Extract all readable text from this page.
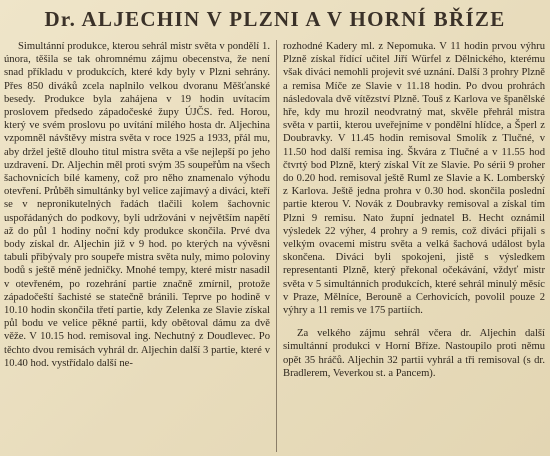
Dr. ALJECHIN V PLZNI A V HORNÍ BŘÍZE

Simultánní produkce, kterou sehrál mistr světa v pondělí 1. února, těšila se tak ohromnému zájmu obecenstva, že není snad příkladu v produkcích, které kdy byly v Plzni sehrány. Přes 850 diváků zcela naplnilo velkou dvoranu Měšťanské besedy. Produkce byla zahájena v 19 hodin uvítacím proslovem předsedo západočeské župy ÚJČS. řed. Horou, který ve svém proslovu po uvítání milého hosta dr. Aljechina vzpomněl návštěvy mistra světa v roce 1925 a 1933, přál mu, aby držel ještě dlouho titul mistra světa a vše nejlepší po jeho uzdravení. Dr. Aljechin měl proti svým 35 soupeřům na všech šachovnicích bílé kameny, což pro něho znamenalo výhodu otevření. Průběh simultánky byl velice zajímavý a diváci, kteří se v nepronikutelných řadách tlačili kolem šachovnic uspořádaných do podkovy, byli udržováni v největším napětí až do půl 1 hodiny noční kdy produkce skončila. Prvé dva body získal dr. Aljechin již v 9 hod. po kterých na vývěsni tabuli přibývaly pro soupeře mistra světa nuly, mimo poloviny bodů s ještě méně jedničky. Mnohé tempy, které mistr nasadil v otevřeném, po rozehrání partie značně zmírnil, protože západočeští šachisté se statečně bránili. Teprve po hodině v 10.10 hodin skončila třetí partie, kdy Zelenka ze Slavie získal půl bodu ve velice pěkné partii, kdy obětoval dámu za dvě věže. V 10.15 hod. remisoval ing. Nechutný z Doudlevec. Po těchto dvou remisách vyhrál dr. Aljechin další 3 partie, které v 10.40 hod. vystřídalo další ne-

rozhodné Kadery ml. z Nepomuka. V 11 hodin prvou výhru Plzně získal řídící učitel Jiří Würfel z Dělnického, kterému však diváci nemohli projevit své uznání. Další 3 prohry Plzně a remisa Míče ze Slavie v 11.18 hodin. Po dvou prohrách následovala dvě vítězství Plzně. Touš z Karlova ve španělské hře, kdy mu hrozil neodvratný mat, skvěle přehrál mistra světa v partii, kterou uveřejníme v pondělní hlídce, a Šperl z Doubravky. V 11.45 hodin remisoval Smolík z Tlučné, v 11.50 hod další remisa ing. Škvára z Tlučné a v 11.55 hod čtvrtý bod Plzně, který získal Vít ze Slavie. Po sérii 9 proher do 0.20 hod. remisoval ještě Ruml ze Slavie a K. Lomberský z Karlova. Ještě jedna prohra v 0.30 hod. skončila poslední partie kterou V. Novák z Doubravky remisoval a získal tím Plzni 9 remisu. Nato župní jednatel B. Hecht oznámil výsledek 22 výher, 4 prohry a 9 remis, což diváci přijali s velkým ovacemi mistru světa a velká šachová událost byla skončena. Diváci byli spokojeni, jistě s výsledkem representanti Plzně, který překonal očekávání, vždyť mistr světa v 5 simultánních produkcích, které sehrál minulý měsíc v Praze, Mělníce, Berouně a Cerhovicích, povolil pouze 2 výhry a 11 remis ve 175 partiích.

Za velkého zájmu sehrál včera dr. Aljechin další simultánní produkci v Horní Bříze. Nastoupilo proti němu opět 35 hráčů. Aljechin 32 partii vyhrál a tři remisoval (s dr. Bradlerem, Veverkou st. a Pancem).
